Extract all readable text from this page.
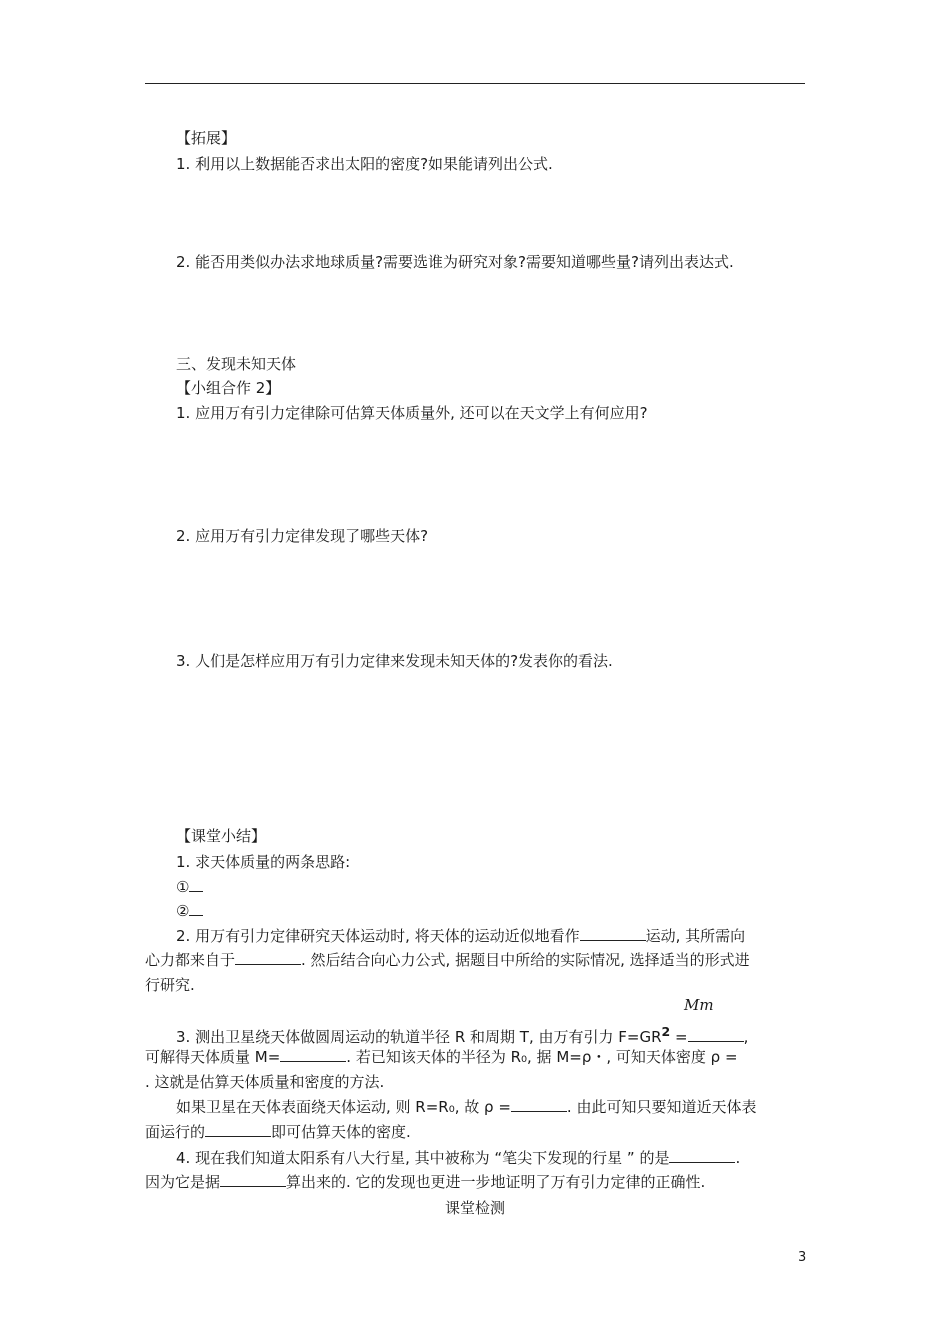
【拓展】
1. 利用以上数据能否求出太阳的密度?如果能请列出公式.
2. 能否用类似办法求地球质量?需要选谁为研究对象?需要知道哪些量?请列出表达式.
三、发现未知天体
【小组合作 2】
1. 应用万有引力定律除可估算天体质量外, 还可以在天文学上有何应用?
2. 应用万有引力定律发现了哪些天体?
3. 人们是怎样应用万有引力定律来发现未知天体的?发表你的看法.
【课堂小结】
1. 求天体质量的两条思路:
①
②
2. 用万有引力定律研究天体运动时, 将天体的运动近似地看作	运动, 其所需向
心力都来自于	. 然后结合向心力公式, 据题目中所给的实际情况, 选择适当的形式进
行研究.
Mm
3. 测出卫星绕天体做圆周运动的轨道半径 R 和周期 T, 由万有引力 $F=GR^2$ =	,
可解得天体质量 M=	. 若已知该天体的半径为 R₀, 据 M=ρ・, 可知天体密度 ρ =
. 这就是估算天体质量和密度的方法.
如果卫星在天体表面绕天体运动, 则 R=R₀, 故 ρ =	. 由此可知只要知道近天体表
面运行的	即可估算天体的密度.
4. 现在我们知道太阳系有八大行星, 其中被称为 “笔尖下发现的行星 ” 的是	.
因为它是据	算出来的. 它的发现也更进一步地证明了万有引力定律的正确性.
课堂检测
3
